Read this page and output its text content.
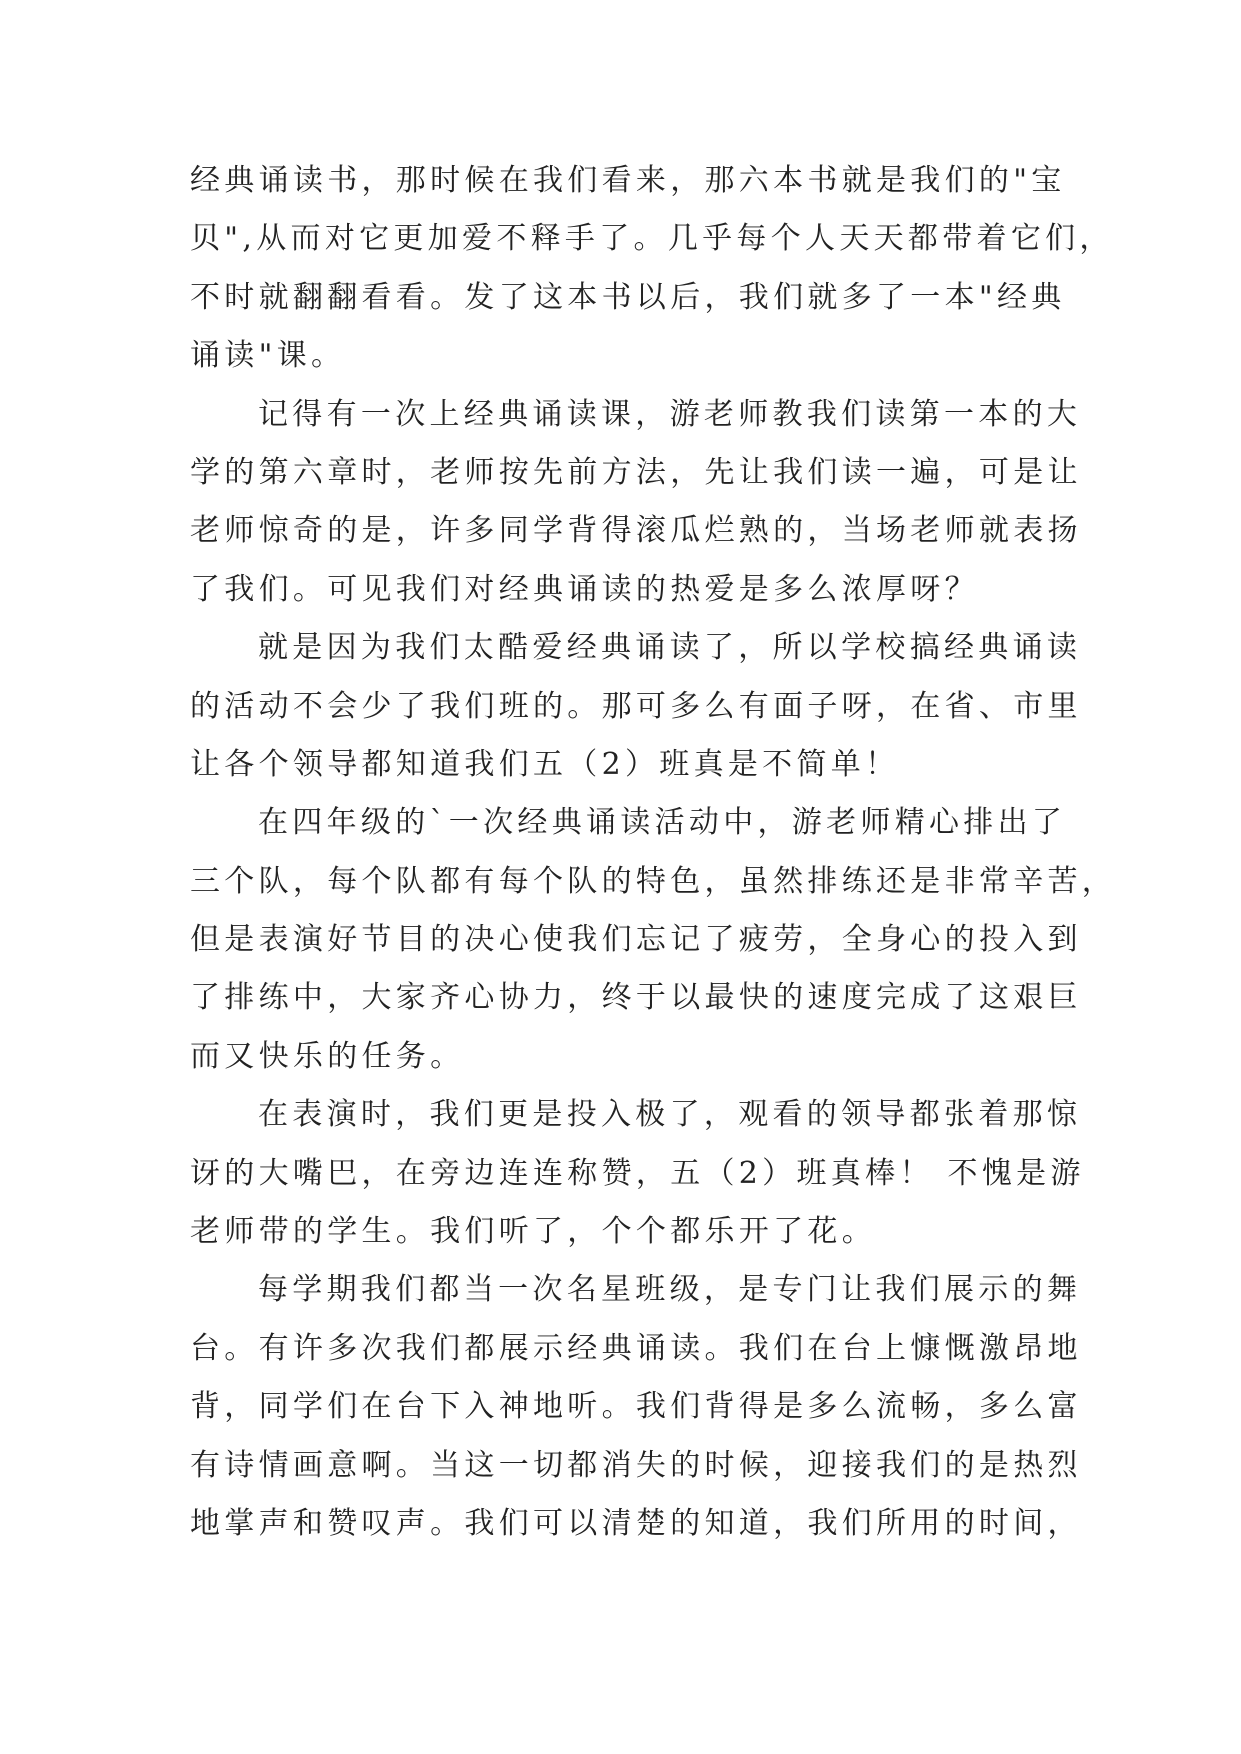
经典诵读书，那时候在我们看来，那六本书就是我们的"宝
贝",从而对它更加爱不释手了。几乎每个人天天都带着它们，
不时就翻翻看看。发了这本书以后，我们就多了一本"经典
诵读"课。
记得有一次上经典诵读课，游老师教我们读第一本的大
学的第六章时，老师按先前方法，先让我们读一遍，可是让
老师惊奇的是，许多同学背得滚瓜烂熟的，当场老师就表扬
了我们。可见我们对经典诵读的热爱是多么浓厚呀？
就是因为我们太酷爱经典诵读了，所以学校搞经典诵读
的活动不会少了我们班的。那可多么有面子呀，在省、市里
让各个领导都知道我们五（2）班真是不简单！
在四年级的`一次经典诵读活动中，游老师精心排出了
三个队，每个队都有每个队的特色，虽然排练还是非常辛苦，
但是表演好节目的决心使我们忘记了疲劳，全身心的投入到
了排练中，大家齐心协力，终于以最快的速度完成了这艰巨
而又快乐的任务。
在表演时，我们更是投入极了，观看的领导都张着那惊
讶的大嘴巴，在旁边连连称赞，五（2）班真棒！ 不愧是游
老师带的学生。我们听了，个个都乐开了花。
每学期我们都当一次名星班级，是专门让我们展示的舞
台。有许多次我们都展示经典诵读。我们在台上慷慨激昂地
背，同学们在台下入神地听。我们背得是多么流畅，多么富
有诗情画意啊。当这一切都消失的时候，迎接我们的是热烈
地掌声和赞叹声。我们可以清楚的知道，我们所用的时间，
